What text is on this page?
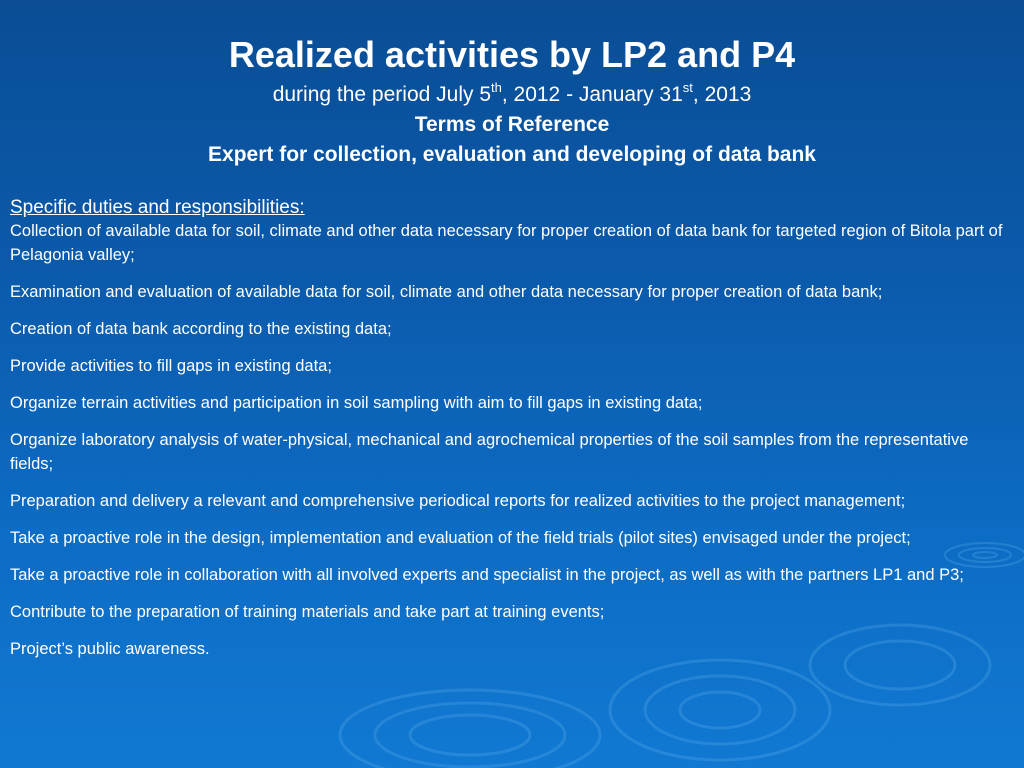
Realized activities by LP2 and P4
during the period July 5th, 2012 - January 31st, 2013
Terms of Reference
Expert for collection, evaluation and developing of data bank
Specific duties and responsibilities:
Collection of available data for soil, climate and other data necessary for proper creation of data bank for targeted region of Bitola part of Pelagonia valley;
Examination and evaluation of available data for soil, climate and other data necessary for proper creation of data bank;
Creation of data bank according to the existing data;
Provide activities to fill gaps in existing data;
Organize terrain activities and participation in soil sampling with aim to fill gaps in existing data;
Organize laboratory analysis of water-physical, mechanical and agrochemical properties of the soil samples from the representative fields;
Preparation and delivery a relevant and comprehensive periodical reports for realized activities to the project management;
Take a proactive role in the design, implementation and evaluation of the field trials (pilot sites) envisaged under the project;
Take a proactive role in collaboration with all involved experts and specialist in the project, as well as with the partners LP1 and P3;
Contribute to the preparation of training materials and take part at training events;
Project’s public awareness.
